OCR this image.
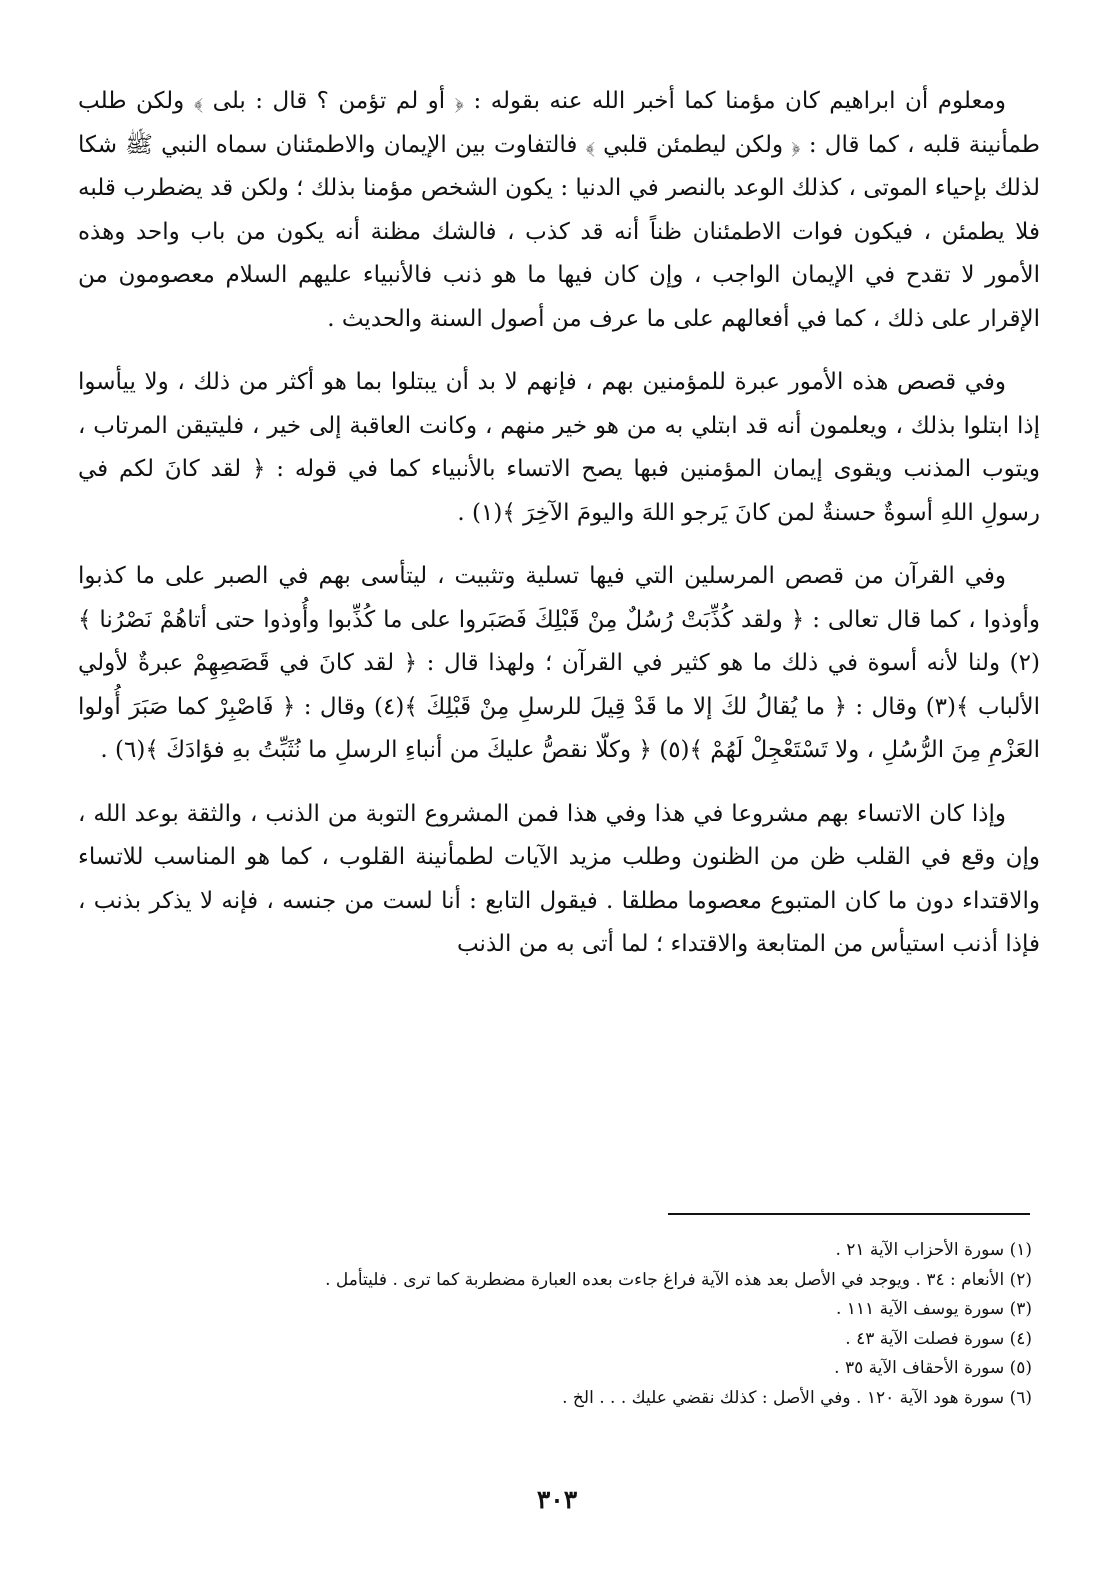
ومعلوم أن ابراهيم كان مؤمنا كما أخبر الله عنه بقوله : ﴿ أو لم تؤمن ؟ قال : بلى ﴾ ولكن طلب طمأنينة قلبه ، كما قال : ﴿ ولكن ليطمئن قلبي ﴾ فالتفاوت بين الإيمان والاطمئنان سماه النبي ﷺ شكا لذلك بإحياء الموتى ، كذلك الوعد بالنصر في الدنيا : يكون الشخص مؤمنا بذلك ؛ ولكن قد يضطرب قلبه فلا يطمئن ، فيكون فوات الاطمئنان ظناً أنه قد كذب ، فالشك مظنة أنه يكون من باب واحد وهذه الأمور لا تقدح في الإيمان الواجب ، وإن كان فيها ما هو ذنب فالأنبياء عليهم السلام معصومون من الإقرار على ذلك ، كما في أفعالهم على ما عرف من أصول السنة والحديث .

وفي قصص هذه الأمور عبرة للمؤمنين بهم ، فإنهم لا بد أن يبتلوا بما هو أكثر من ذلك ، ولا ييأسوا إذا ابتلوا بذلك ، ويعلمون أنه قد ابتلي به من هو خير منهم ، وكانت العاقبة إلى خير ، فليتيقن المرتاب ، ويتوب المذنب ويقوى إيمان المؤمنين فبها يصح الاتساء بالأنبياء كما في قوله : ﴿ لقد كانَ لكم في رسولِ اللهِ أسوةٌ حسنةٌ لمن كانَ يَرجو اللهَ واليومَ الآخِرَ ﴾(١) .

وفي القرآن من قصص المرسلين التي فيها تسلية وتثبيت ، ليتأسى بهم في الصبر على ما كذبوا وأوذوا ، كما قال تعالى : ﴿ ولقد كُذِّبَتْ رُسُلٌ مِنْ قَبْلِكَ فَصَبَروا على ما كُذِّبوا وأُوذوا حتى أتاهُمْ نَصْرُنا ﴾(٢) ولنا لأنه أسوة في ذلك ما هو كثير في القرآن ؛ ولهذا قال : ﴿ لقد كانَ في قَصَصِهِمْ عبرةٌ لأولي الألباب ﴾(٣) وقال : ﴿ ما يُقالُ لكَ إلا ما قَدْ قِيلَ للرسلِ مِنْ قَبْلِكَ ﴾(٤) وقال : ﴿ فَاصْبِرْ كما صَبَرَ أُولوا العَزْمِ مِنَ الرُّسُلِ ، ولا تَسْتَعْجِلْ لَهُمْ ﴾(٥) ﴿ وكلّا نقصُّ عليكَ من أنباءِ الرسلِ ما نُثَبِّتُ بهِ فؤادَكَ ﴾(٦) .

وإذا كان الاتساء بهم مشروعا في هذا وفي هذا فمن المشروع التوبة من الذنب ، والثقة بوعد الله ، وإن وقع في القلب ظن من الظنون وطلب مزيد الآيات لطمأنينة القلوب ، كما هو المناسب للاتساء والاقتداء دون ما كان المتبوع معصوما مطلقا . فيقول التابع : أنا لست من جنسه ، فإنه لا يذكر بذنب ، فإذا أذنب استيأس من المتابعة والاقتداء ؛ لما أتى به من الذنب

(١) سورة الأحزاب الآية ٢١ .
(٢) الأنعام : ٣٤ . ويوجد في الأصل بعد هذه الآية فراغ جاءت بعده العبارة مضطربة كما ترى . فليتأمل .
(٣) سورة يوسف الآية ١١١ .
(٤) سورة فصلت الآية ٤٣ .
(٥) سورة الأحقاف الآية ٣٥ .
(٦) سورة هود الآية ١٢٠ . وفي الأصل : كذلك نقضي عليك . . . الخ .
٣٠٣
